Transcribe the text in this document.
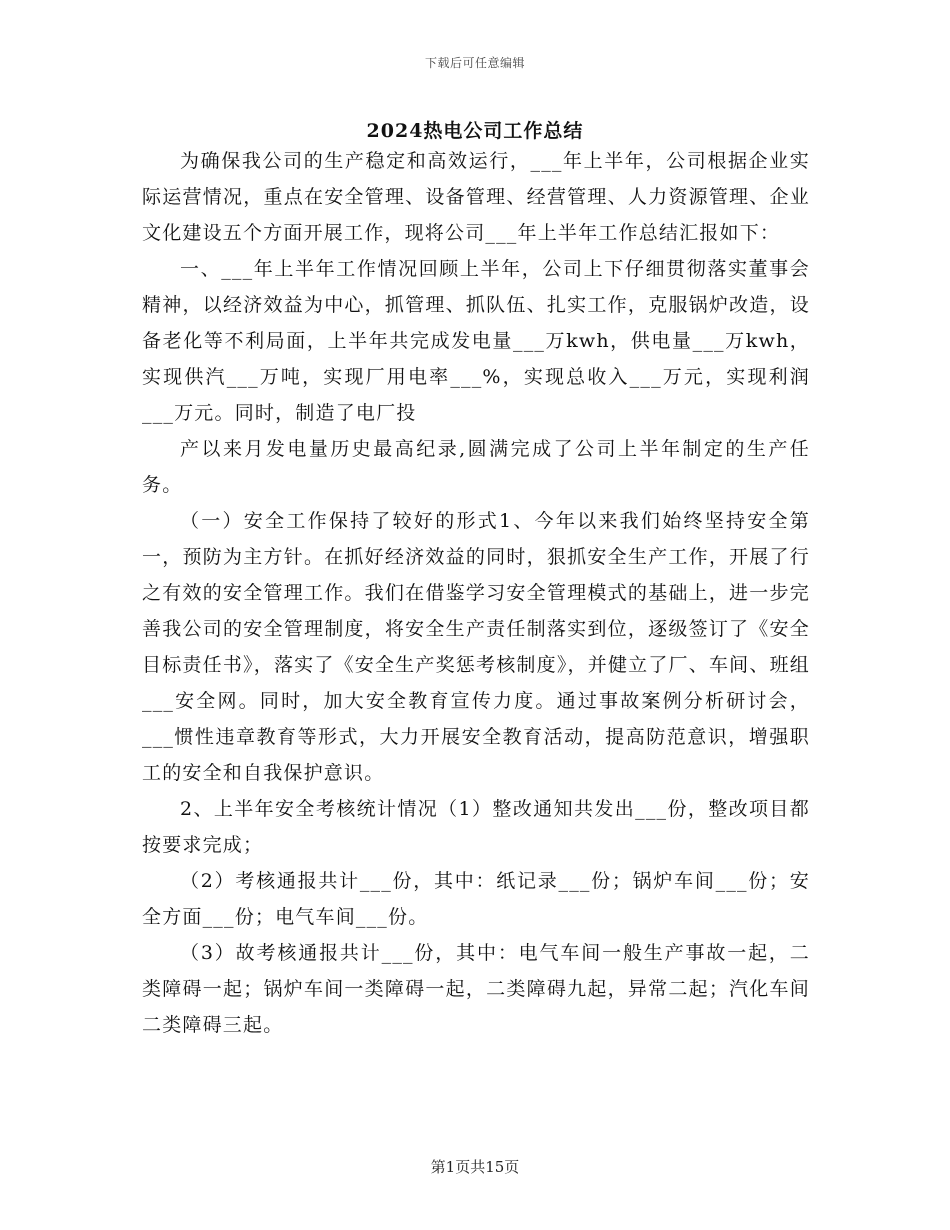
下载后可任意编辑
2024热电公司工作总结

为确保我公司的生产稳定和高效运行，___年上半年，公司根据企业实际运营情况，重点在安全管理、设备管理、经营管理、人力资源管理、企业文化建设五个方面开展工作，现将公司___年上半年工作总结汇报如下：

一、___年上半年工作情况回顾上半年，公司上下仔细贯彻落实董事会精神，以经济效益为中心，抓管理、抓队伍、扎实工作，克服锅炉改造，设备老化等不利局面，上半年共完成发电量___万kwh，供电量___万kwh，实现供汽___万吨，实现厂用电率___%，实现总收入___万元，实现利润___万元。同时，制造了电厂投

产以来月发电量历史最高纪录,圆满完成了公司上半年制定的生产任务。

（一）安全工作保持了较好的形式1、今年以来我们始终坚持安全第一，预防为主方针。在抓好经济效益的同时，狠抓安全生产工作，开展了行之有效的安全管理工作。我们在借鉴学习安全管理模式的基础上，进一步完善我公司的安全管理制度，将安全生产责任制落实到位，逐级签订了《安全目标责任书》，落实了《安全生产奖惩考核制度》，并健立了厂、车间、班组___安全网。同时，加大安全教育宣传力度。通过事故案例分析研讨会，___惯性违章教育等形式，大力开展安全教育活动，提高防范意识，增强职工的安全和自我保护意识。

2、上半年安全考核统计情况（1）整改通知共发出___份，整改项目都按要求完成；

（2）考核通报共计___份，其中：纸记录___份；锅炉车间___份；安全方面___份；电气车间___份。

（3）故考核通报共计___份，其中：电气车间一般生产事故一起，二类障碍一起；锅炉车间一类障碍一起，二类障碍九起，异常二起；汽化车间二类障碍三起。

第1页共15页
